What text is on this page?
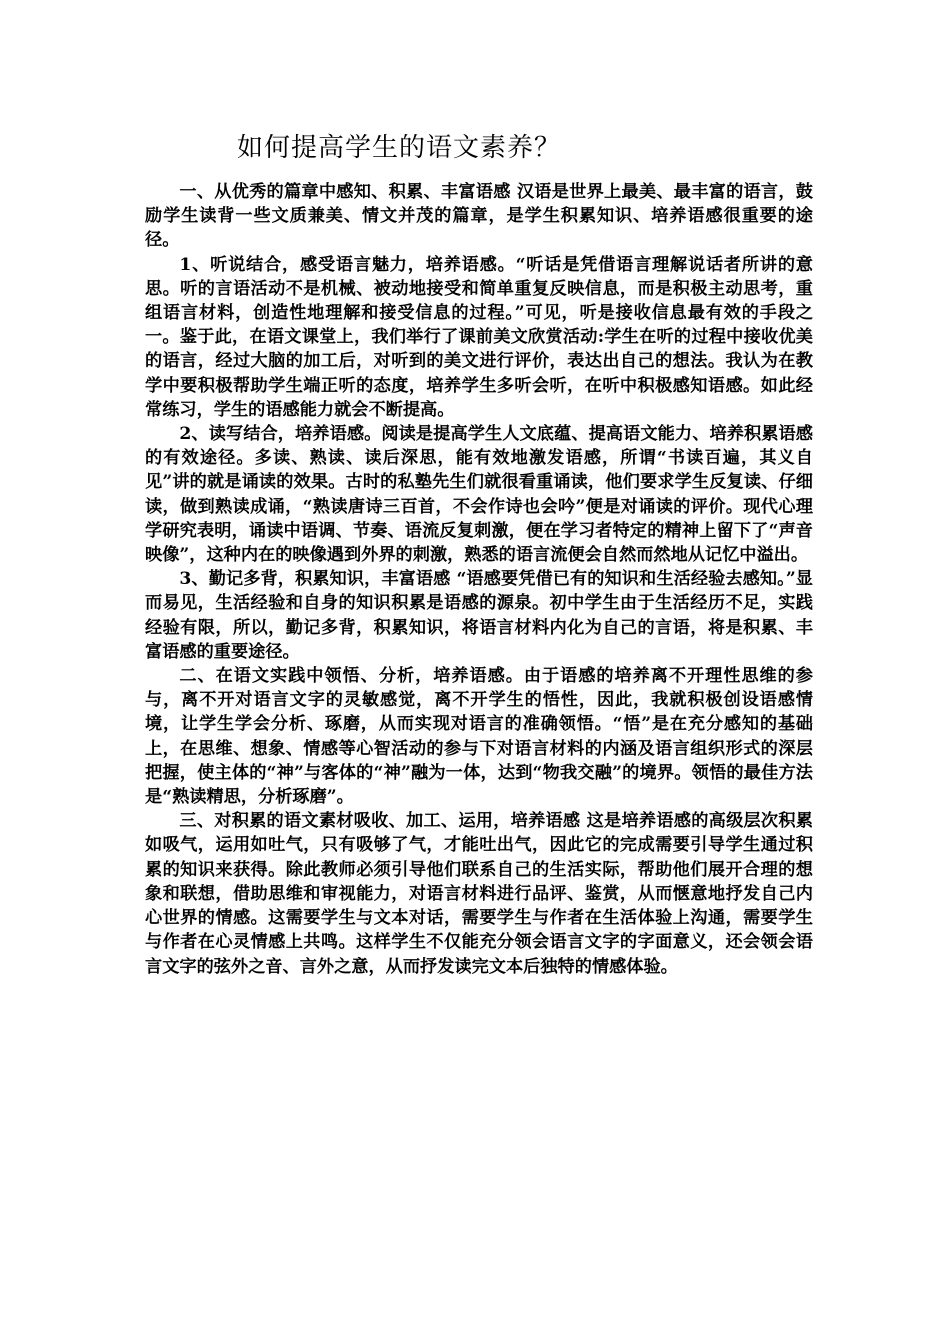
如何提高学生的语文素养？

一、从优秀的篇章中感知、积累、丰富语感 汉语是世界上最美、最丰富的语言，鼓励学生读背一些文质兼美、情文并茂的篇章，是学生积累知识、培养语感很重要的途径。

1、听说结合，感受语言魅力，培养语感。“听话是凭借语言理解说话者所讲的意思。听的言语活动不是机械、被动地接受和简单重复反映信息，而是积极主动思考，重组语言材料，创造性地理解和接受信息的过程。”可见，听是接收信息最有效的手段之一。鉴于此，在语文课堂上，我们举行了课前美文欣赏活动:学生在听的过程中接收优美的语言，经过大脑的加工后，对听到的美文进行评价，表达出自己的想法。我认为在教学中要积极帮助学生端正听的态度，培养学生多听会听，在听中积极感知语感。如此经常练习，学生的语感能力就会不断提高。

2、读写结合，培养语感。阅读是提高学生人文底蕴、提高语文能力、培养积累语感的有效途径。多读、熟读、读后深思，能有效地激发语感，所谓“书读百遍，其义自见”讲的就是诵读的效果。古时的私塾先生们就很看重诵读，他们要求学生反复读、仔细读，做到熟读成诵，“熟读唐诗三百首，不会作诗也会吟”便是对诵读的评价。现代心理学研究表明，诵读中语调、节奏、语流反复刺激，便在学习者特定的精神上留下了“声音映像”，这种内在的映像遇到外界的刺激，熟悉的语言流便会自然而然地从记忆中溢出。

3、勤记多背，积累知识，丰富语感 “语感要凭借已有的知识和生活经验去感知。”显而易见，生活经验和自身的知识积累是语感的源泉。初中学生由于生活经历不足，实践经验有限，所以，勤记多背，积累知识，将语言材料内化为自己的言语，将是积累、丰富语感的重要途径。

二、在语文实践中领悟、分析，培养语感。由于语感的培养离不开理性思维的参与，离不开对语言文字的灵敏感觉，离不开学生的悟性，因此，我就积极创设语感情境，让学生学会分析、琢磨，从而实现对语言的准确领悟。“悟”是在充分感知的基础上，在思维、想象、情感等心智活动的参与下对语言材料的内涵及语言组织形式的深层把握，使主体的“神”与客体的“神”融为一体，达到“物我交融”的境界。领悟的最佳方法是“熟读精思，分析琢磨”。

三、对积累的语文素材吸收、加工、运用，培养语感 这是培养语感的高级层次积累如吸气，运用如吐气，只有吸够了气，才能吐出气，因此它的完成需要引导学生通过积累的知识来获得。除此教师必须引导他们联系自己的生活实际，帮助他们展开合理的想象和联想，借助思维和审视能力，对语言材料进行品评、鉴赏，从而惬意地抒发自己内心世界的情感。这需要学生与文本对话，需要学生与作者在生活体验上沟通，需要学生与作者在心灵情感上共鸣。这样学生不仅能充分领会语言文字的字面意义，还会领会语言文字的弦外之音、言外之意，从而抒发读完文本后独特的情感体验。
